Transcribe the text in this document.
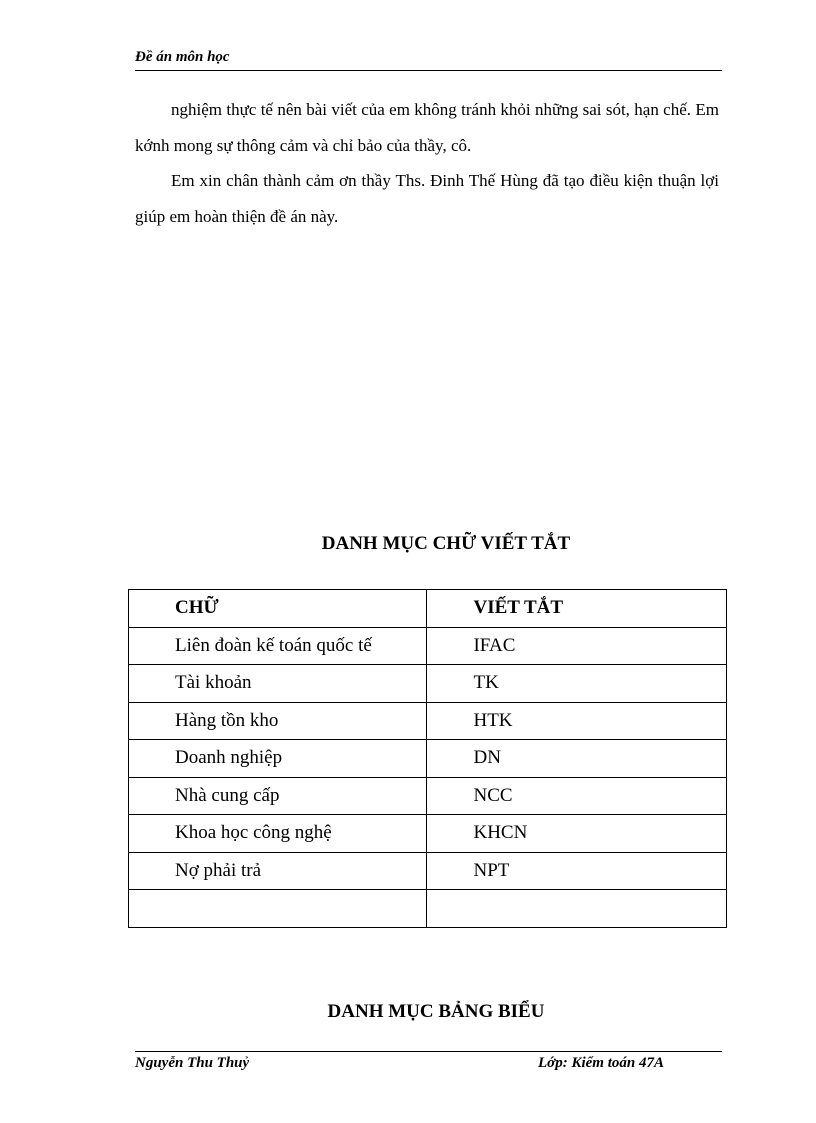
Đề án môn học

nghiệm thực tế nên bài viết của em không tránh khỏi những sai sót, hạn chế. Em kớnh mong sự thông cảm và chỉ bảo của thầy, cô.

Em xin chân thành cảm ơn thầy Ths. Đinh Thế Hùng đã tạo điều kiện thuận lợi giúp em hoàn thiện đề án này.

DANH MỤC CHỮ VIẾT TẮT
CHỮ	VIẾT TẮT
Liên đoàn kế toán quốc tế	IFAC
Tài khoản	TK
Hàng tồn kho	HTK
Doanh nghiệp	DN
Nhà cung cấp	NCC
Khoa học công nghệ	KHCN
Nợ phải trả	NPT

DANH MỤC BẢNG BIỂU
Nguyễn Thu Thuỷ	Lớp: Kiểm toán 47A
